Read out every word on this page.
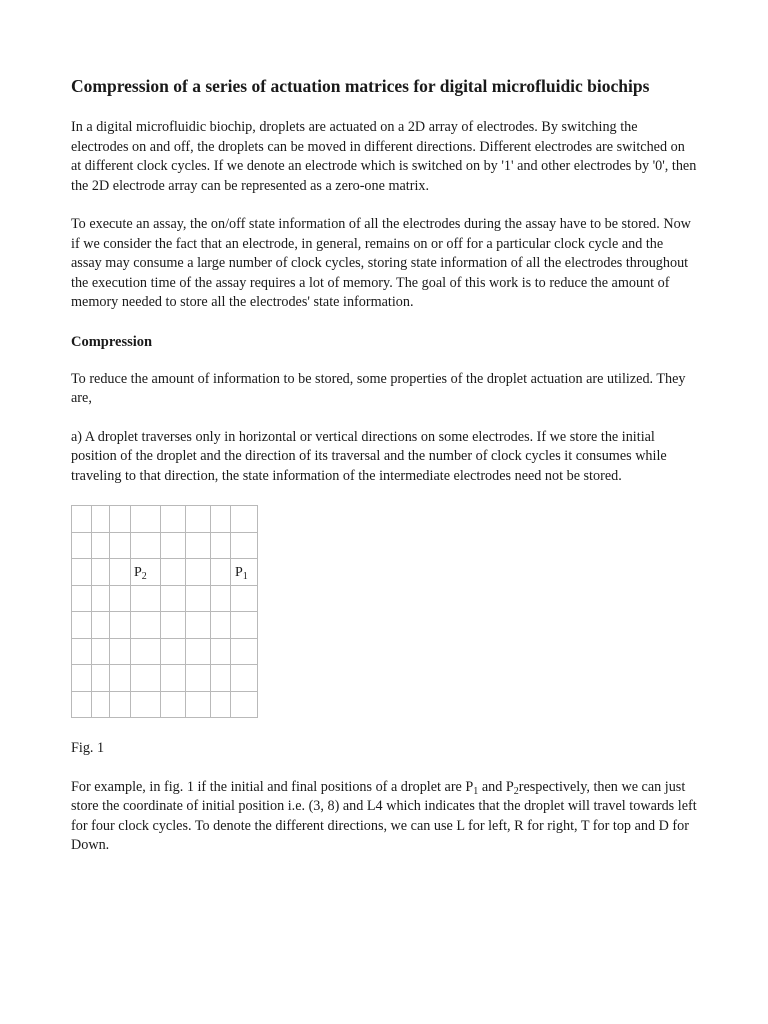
Compression of a series of actuation matrices for digital microfluidic biochips

In a digital microfluidic biochip, droplets are actuated on a 2D array of electrodes. By switching the electrodes on and off, the droplets can be moved in different directions. Different electrodes are switched on at different clock cycles. If we denote an electrode which is switched on by '1' and other electrodes by '0', then the 2D electrode array can be represented as a zero-one matrix.

To execute an assay, the on/off state information of all the electrodes during the assay have to be stored. Now if we consider the fact that an electrode, in general, remains on or off for a particular clock cycle and the assay may consume a large number of clock cycles, storing state information of all the electrodes throughout the execution time of the assay requires a lot of memory. The goal of this work is to reduce the amount of memory needed to store all the electrodes' state information.

Compression

To reduce the amount of information to be stored, some properties of the droplet actuation are utilized. They are,

a) A droplet traverses only in horizontal or vertical directions on some electrodes. If we store the initial position of the droplet and the direction of its traversal and the number of clock cycles it consumes while traveling to that direction, the state information of the intermediate electrodes need not be stored.

$P_2$	$P_1$

Fig. 1

For example, in fig. 1 if the initial and final positions of a droplet are $P_1$ and $P_2respectively$, then we can just store the coordinate of initial position i.e. (3, 8) and L4 which indicates that the droplet will travel towards left for four clock cycles. To denote the different directions, we can use L for left, R for right, T for top and D for Down.
